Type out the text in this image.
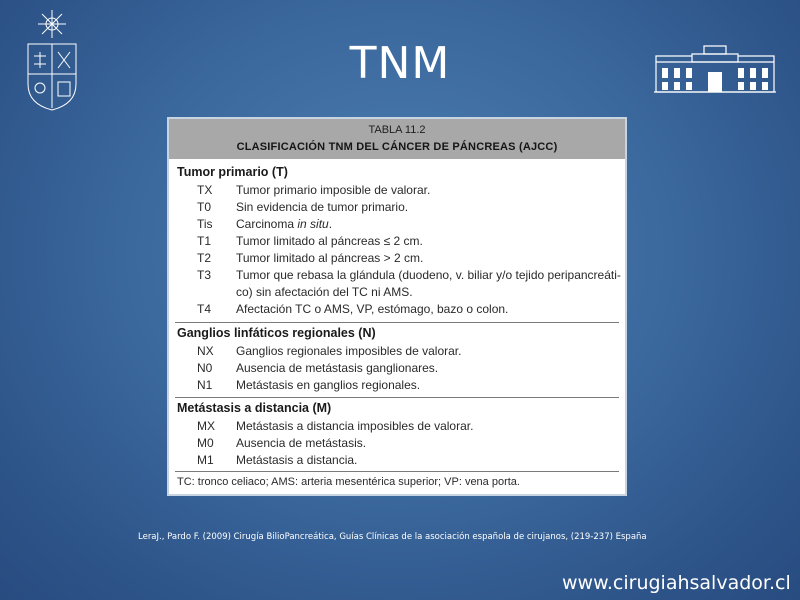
TNM
TABLA 11.2
CLASIFICACIÓN TNM DEL CÁNCER DE PÁNCREAS (AJCC)
Tumor primario (T)
TX Tumor primario imposible de valorar.
T0 Sin evidencia de tumor primario.
Tis Carcinoma in situ.
T1 Tumor limitado al páncreas ≤ 2 cm.
T2 Tumor limitado al páncreas > 2 cm.
T3 Tumor que rebasa la glándula (duodeno, v. biliar y/o tejido peripancreáti-
co) sin afectación del TC ni AMS.
T4 Afectación TC o AMS, VP, estómago, bazo o colon.
Ganglios linfáticos regionales (N)
NX Ganglios regionales imposibles de valorar.
N0 Ausencia de metástasis ganglionares.
N1 Metástasis en ganglios regionales.
Metástasis a distancia (M)
MX Metástasis a distancia imposibles de valorar.
M0 Ausencia de metástasis.
M1 Metástasis a distancia.
TC: tronco celiaco; AMS: arteria mesentérica superior; VP: vena porta.
LeraJ., Pardo F. (2009) Cirugía BilioPancreática, Guías Clínicas de la asociación española de cirujanos, (219-237) España
www.cirugiahsalvador.cl
